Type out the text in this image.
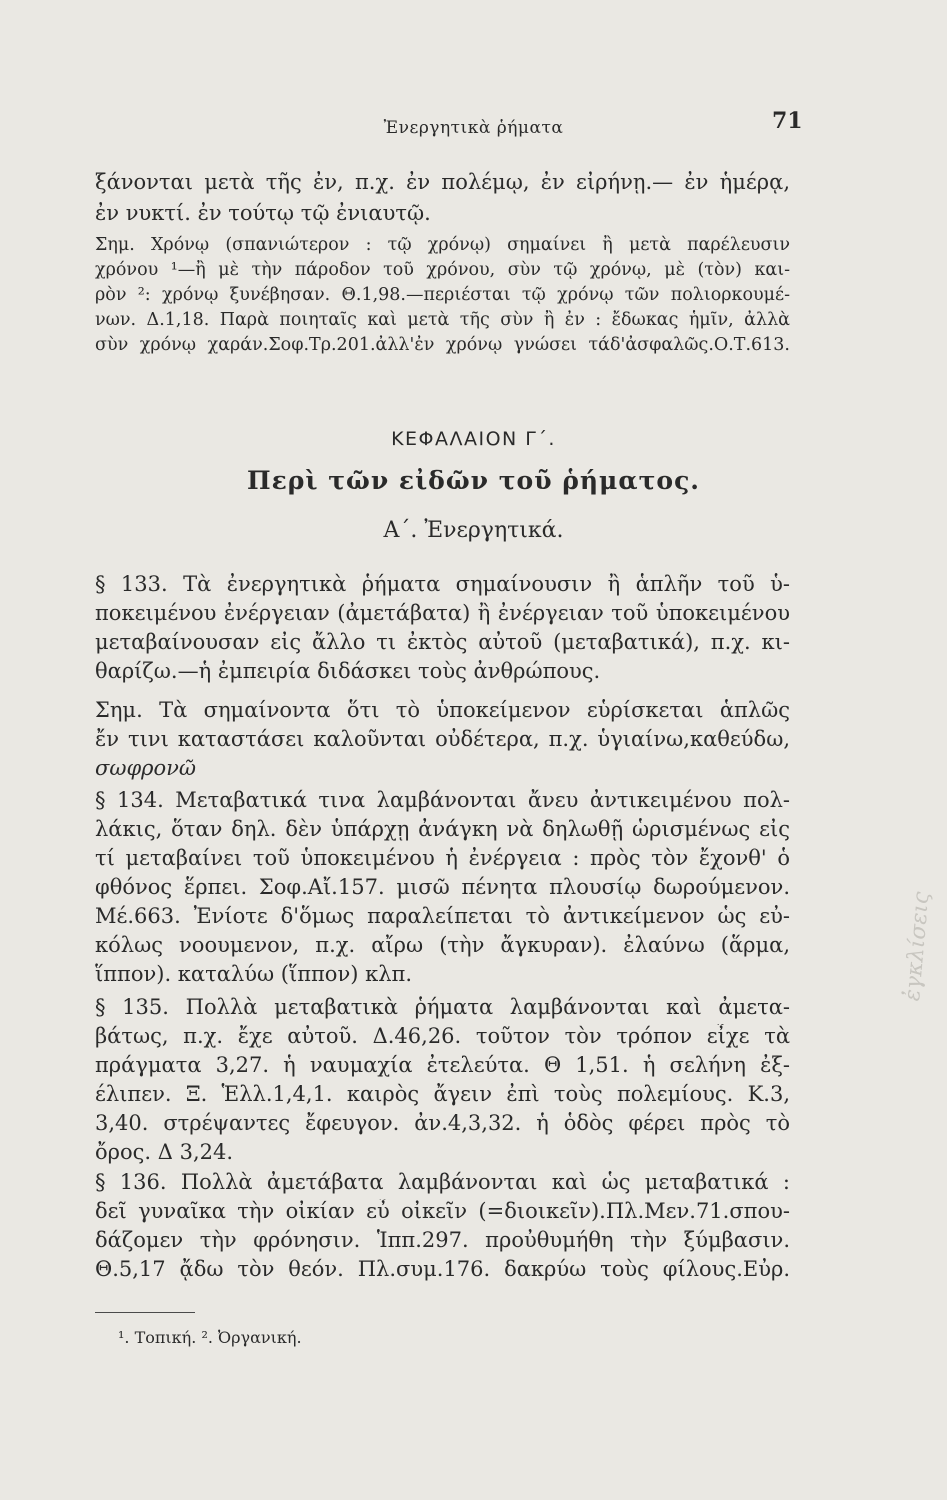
Ἐνεργητικὰ ῥήματα	71
ξάνονται μετὰ τῆς ἐν, π.χ. ἐν πολέμῳ, ἐν εἰρήνῃ.— ἐν ἡμέρᾳ,
ἐν νυκτί. ἐν τούτῳ τῷ ἐνιαυτῷ.
Σημ. Χρόνῳ (σπανιώτερον : τῷ χρόνῳ) σημαίνει ἢ μετὰ παρέλευσιν
χρόνου ¹—ἢ μὲ τὴν πάροδον τοῦ χρόνου, σὺν τῷ χρόνῳ, μὲ (τὸν) και-
ρὸν ²: χρόνῳ ξυνέβησαν. Θ.1,98.—περιέσται τῷ χρόνῳ τῶν πολιορκουμέ-
νων. Δ.1,18. Παρὰ ποιηταῖς καὶ μετὰ τῆς σὺν ἢ ἐν : ἔδωκας ἡμῖν, ἀλλὰ
σὺν χρόνῳ χαράν.Σοφ.Τρ.201.ἀλλ'ἐν χρόνῳ γνώσει τάδ'ἀσφαλῶς.Ο.Τ.613.
ΚΕΦΑΛΑΙΟΝ Γ΄.
Περὶ τῶν εἰδῶν τοῦ ῥήματος.
Α΄. Ἐνεργητικά.
§ 133. Τὰ ἐνεργητικὰ ῥήματα σημαίνουσιν ἢ ἁπλῆν τοῦ ὑ-
ποκειμένου ἐνέργειαν (ἀμετάβατα) ἢ ἐνέργειαν τοῦ ὑποκειμένου
μεταβαίνουσαν εἰς ἄλλο τι ἐκτὸς αὐτοῦ (μεταβατικά), π.χ. κι-
θαρίζω.—ἡ ἐμπειρία διδάσκει τοὺς ἀνθρώπους.
Σημ. Τὰ σημαίνοντα ὅτι τὸ ὑποκείμενον εὑρίσκεται ἁπλῶς
ἔν τινι καταστάσει καλοῦνται οὐδέτερα, π.χ. ὑγιαίνω,καθεύδω,
σωφρονῶ
§ 134. Μεταβατικά τινα λαμβάνονται ἄνευ ἀντικειμένου πολ-
λάκις, ὅταν δηλ. δὲν ὑπάρχῃ ἀνάγκη νὰ δηλωθῇ ὡρισμένως εἰς
τί μεταβαίνει τοῦ ὑποκειμένου ἡ ἐνέργεια : πρὸς τὸν ἔχονθ' ὁ
φθόνος ἕρπει. Σοφ.Αἴ.157. μισῶ πένητα πλουσίῳ δωρούμενον.
Μέ.663. Ἐνίοτε δ'ὅμως παραλείπεται τὸ ἀντικείμενον ὡς εὐ-
κόλως νοουμενον, π.χ. αἴρω (τὴν ἄγκυραν). ἐλαύνω (ἅρμα,
ἵππον). καταλύω (ἵππον) κλπ.
§ 135. Πολλὰ μεταβατικὰ ῥήματα λαμβάνονται καὶ ἀμετα-
βάτως, π.χ. ἔχε αὐτοῦ. Δ.46,26. τοῦτον τὸν τρόπον εἶχε τὰ
πράγματα 3,27. ἡ ναυμαχία ἐτελεύτα. Θ 1,51. ἡ σελήνη ἐξ-
έλιπεν. Ξ. Ἑλλ.1,4,1. καιρὸς ἄγειν ἐπὶ τοὺς πολεμίους. Κ.3,
3,40. στρέψαντες ἔφευγον. ἀν.4,3,32. ἡ ὁδὸς φέρει πρὸς τὸ
ὄρος. Δ 3,24.
§ 136. Πολλὰ ἀμετάβατα λαμβάνονται καὶ ὡς μεταβατικά :
δεῖ γυναῖκα τὴν οἰκίαν εὖ οἰκεῖν (=διοικεῖν).Πλ.Μεν.71.σπου-
δάζομεν τὴν φρόνησιν. Ἱππ.297. προὐθυμήθη τὴν ξύμβασιν.
Θ.5,17 ᾄδω τὸν θεόν. Πλ.συμ.176. δακρύω τοὺς φίλους.Εὐρ.
¹. Τοπική. ². Ὀργανική.
ἐγκλίσεις
